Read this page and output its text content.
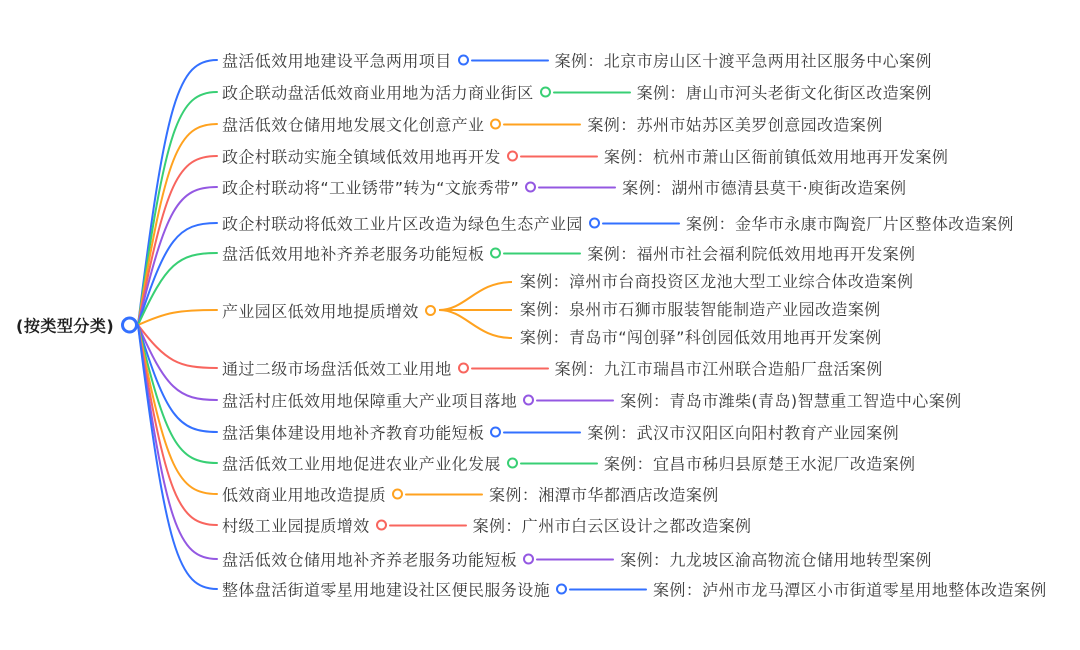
(按类型分类)
盘活低效用地建设平急两用项目	案例：北京市房山区十渡平急两用社区服务中心案例
政企联动盘活低效商业用地为活力商业街区	案例：唐山市河头老街文化街区改造案例
盘活低效仓储用地发展文化创意产业	案例：苏州市姑苏区美罗创意园改造案例
政企村联动实施全镇域低效用地再开发	案例：杭州市萧山区衙前镇低效用地再开发案例
政企村联动将“工业锈带”转为“文旅秀带”	案例：湖州市德清县莫干·庾街改造案例
政企村联动将低效工业片区改造为绿色生态产业园	案例：金华市永康市陶瓷厂片区整体改造案例
盘活低效用地补齐养老服务功能短板	案例：福州市社会福利院低效用地再开发案例
产业园区低效用地提质增效
案例：漳州市台商投资区龙池大型工业综合体改造案例
案例：泉州市石狮市服装智能制造产业园改造案例
案例：青岛市“闯创驿”科创园低效用地再开发案例
通过二级市场盘活低效工业用地	案例：九江市瑞昌市江州联合造船厂盘活案例
盘活村庄低效用地保障重大产业项目落地	案例：青岛市潍柴(青岛)智慧重工智造中心案例
盘活集体建设用地补齐教育功能短板	案例：武汉市汉阳区向阳村教育产业园案例
盘活低效工业用地促进农业产业化发展	案例：宜昌市秭归县原楚王水泥厂改造案例
低效商业用地改造提质	案例：湘潭市华都酒店改造案例
村级工业园提质增效	案例：广州市白云区设计之都改造案例
盘活低效仓储用地补齐养老服务功能短板	案例：九龙坡区渝高物流仓储用地转型案例
整体盘活街道零星用地建设社区便民服务设施	案例：泸州市龙马潭区小市街道零星用地整体改造案例
